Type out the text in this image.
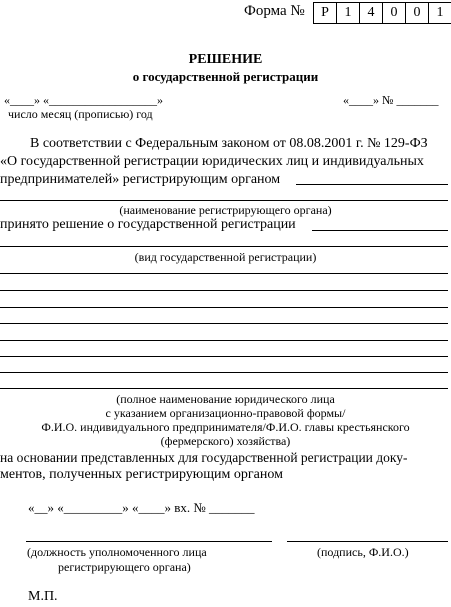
Форма №	Р	1	4	0	0	1
РЕШЕНИЕ
о государственной регистрации
«____» «__________________»	«____» № _______
число месяц (прописью) год
В соответствии с Федеральным законом от 08.08.2001 г. № 129-ФЗ
«О государственной регистрации юридических лиц и индивидуальных
предпринимателей» регистрирующим органом
(наименование регистрирующего органа)
принято решение о государственной регистрации
(вид государственной регистрации)
(полное наименование юридического лица
с указанием организационно-правовой формы/
Ф.И.О. индивидуального предпринимателя/Ф.И.О. главы крестьянского
(фермерского) хозяйства)
на основании представленных для государственной регистрации доку-
ментов, полученных регистрирующим органом
«__» «_________» «____» вх. № _______
(должность уполномоченного лица
регистрирующего органа)
(подпись, Ф.И.О.)
М.П.
